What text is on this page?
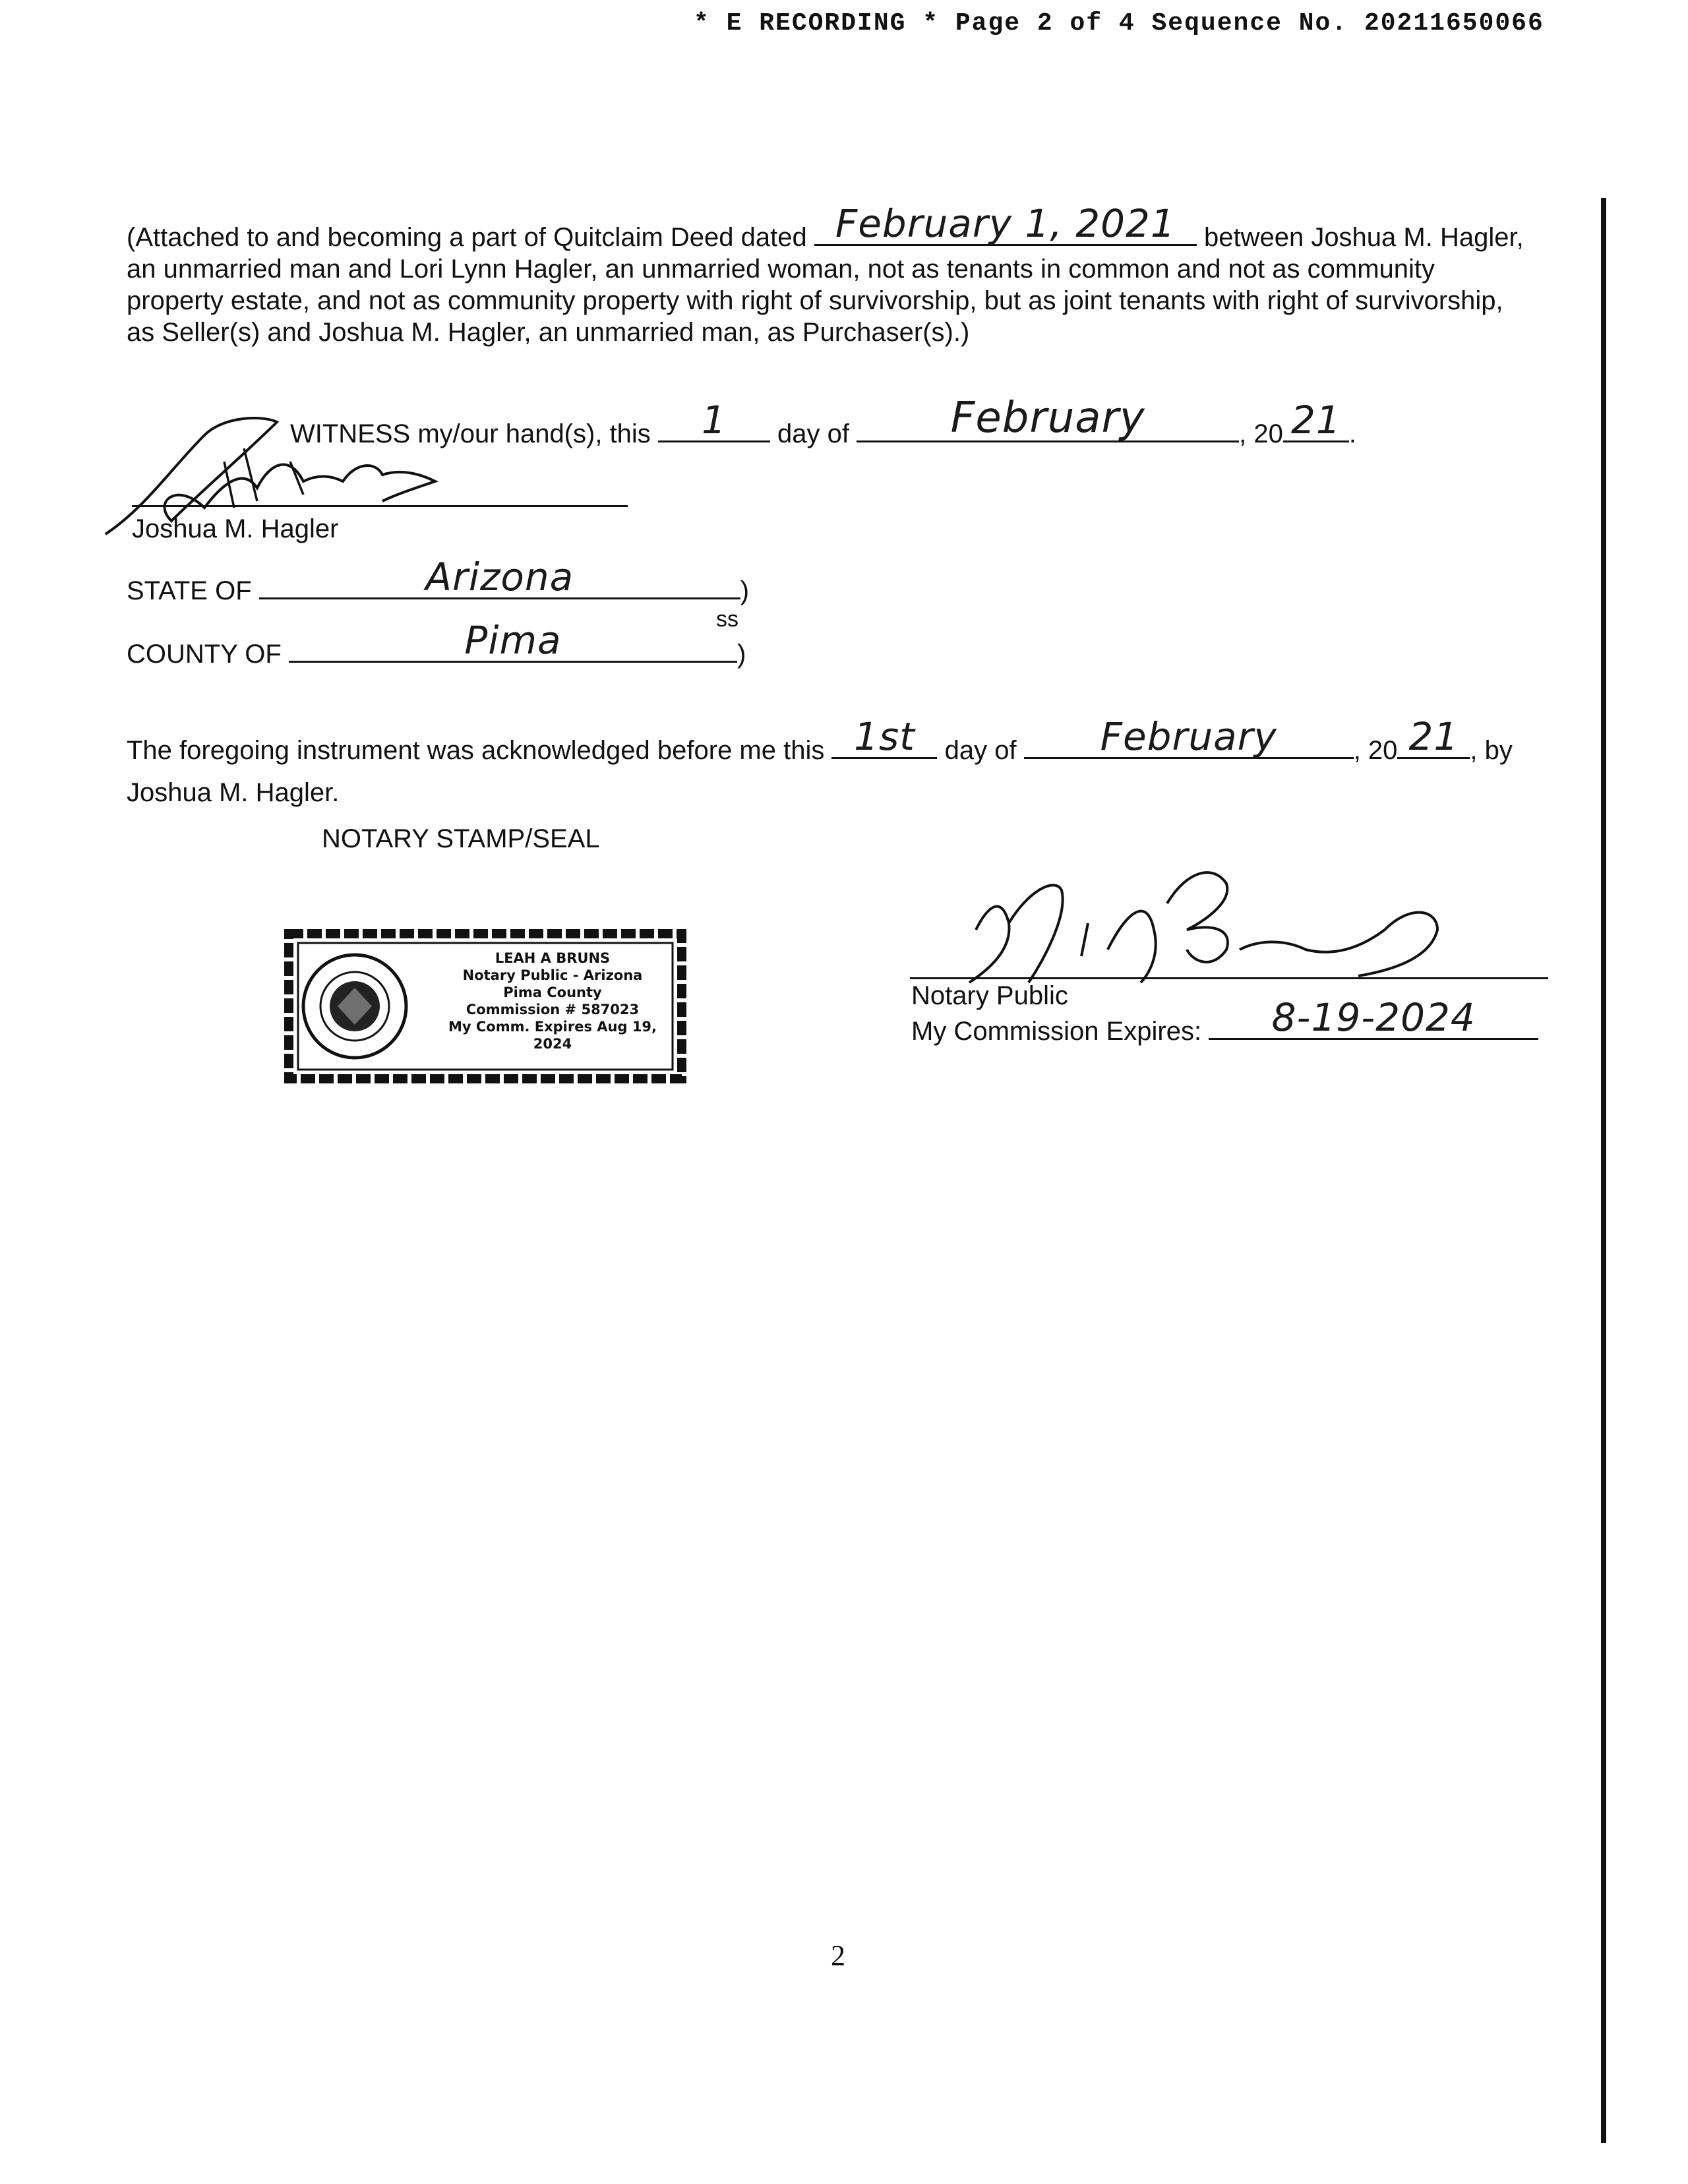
* E RECORDING * Page 2 of 4 Sequence No. 20211650066

(Attached to and becoming a part of Quitclaim Deed dated February 1, 2021	between Joshua M. Hagler,

an unmarried man and Lori Lynn Hagler, an unmarried woman, not as tenants in common and not as community

property estate, and not as community property with right of survivorship, but as joint tenants with right of survivorship,

as Seller(s) and Joshua M. Hagler, an unmarried man, as Purchaser(s).)

WITNESS my/our hand(s), this	1	day of	February	, 20 21 .
Joshua M. Hagler
STATE OF	Arizona	)
ss
COUNTY OF	Pima	)
The foregoing instrument was acknowledged before me this 1st	day of	February	, 20 21 , by
Joshua M. Hagler.
NOTARY STAMP/SEAL
LEAH A BRUNS
Notary Public - Arizona
Pima County
Commission # 587023
My Comm. Expires Aug 19, 2024
Notary Public
My Commission Expires:	8-19-2024
2
